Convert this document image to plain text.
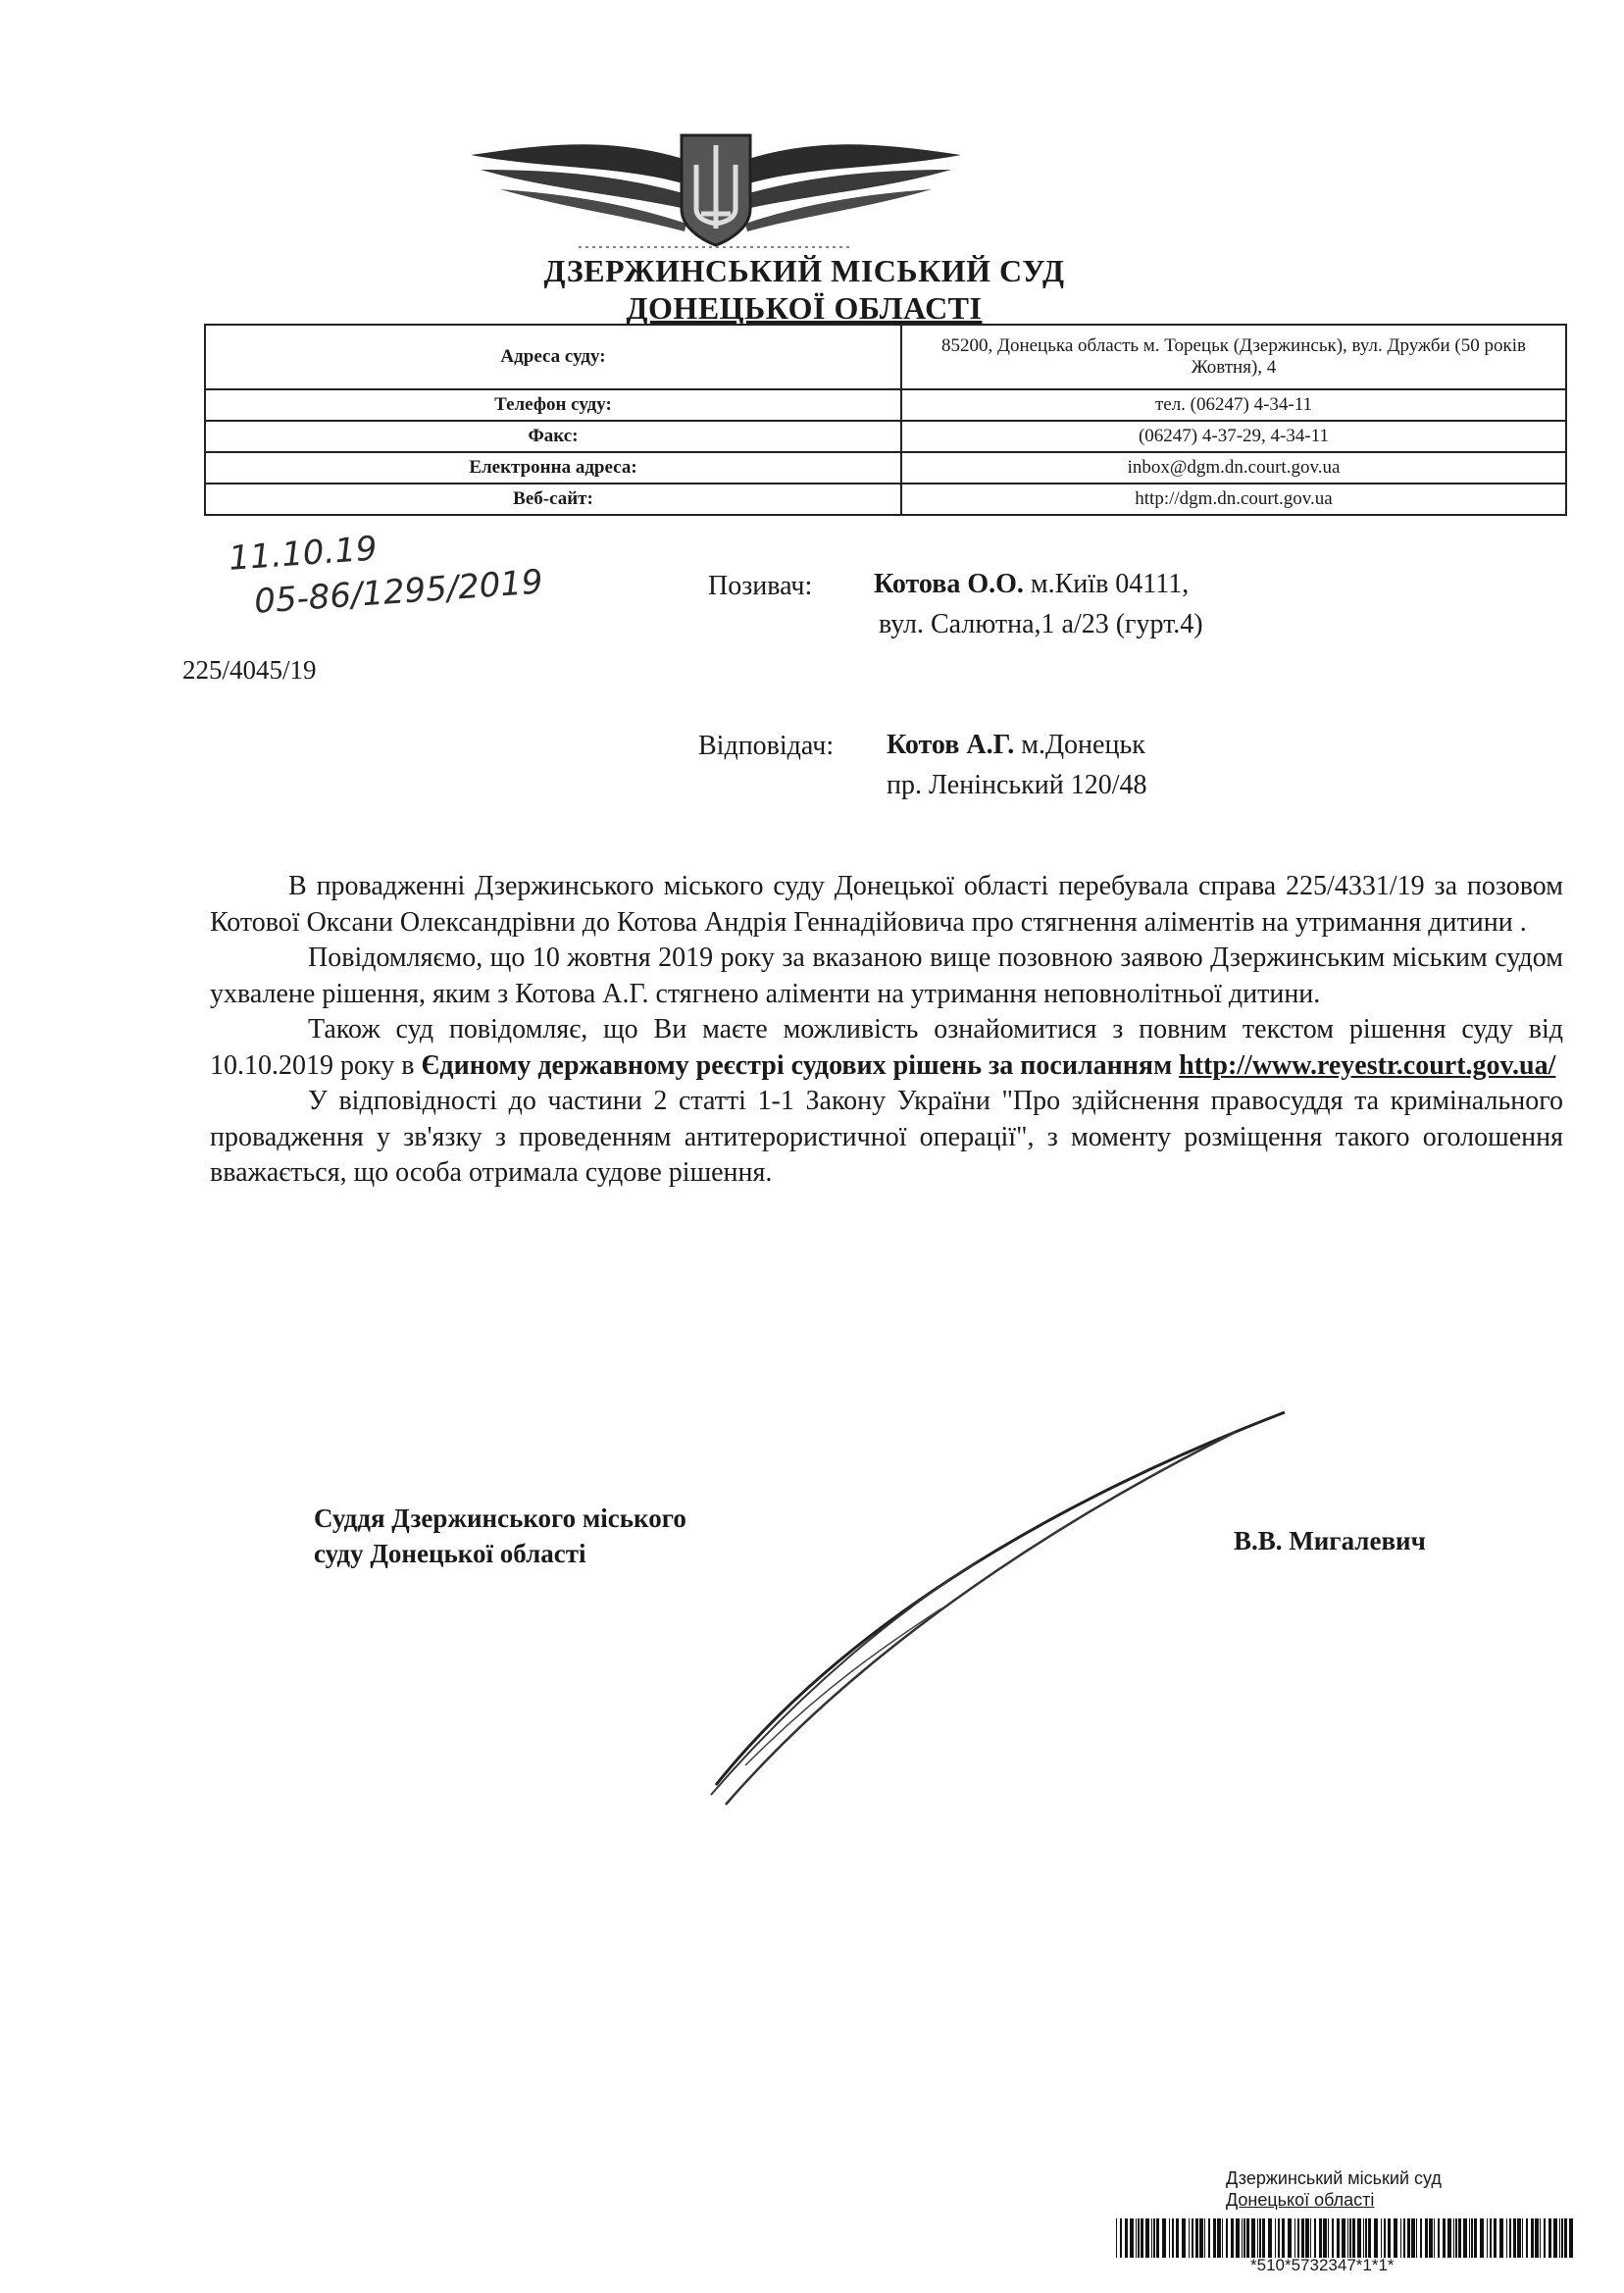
ДЗЕРЖИНСЬКИЙ МІСЬКИЙ СУД
ДОНЕЦЬКОЇ ОБЛАСТІ
Адреса суду:	85200, Донецька область м. Торецьк (Дзержинськ), вул. Дружби (50 років Жовтня), 4
Телефон суду:	тел. (06247) 4-34-11
Факс:	(06247) 4-37-29, 4-34-11
Електронна адреса:	inbox@dgm.dn.court.gov.ua
Веб-сайт:	http://dgm.dn.court.gov.ua
11.10.19
05-86/1295/2019
225/4045/19
Позивач: Котова О.О. м.Київ 04111,
вул. Салютна,1 а/23 (гурт.4)
Відповідач: Котов А.Г. м.Донецьк
пр. Ленінський 120/48

В провадженні Дзержинського міського суду Донецької області перебувала справа 225/4331/19 за позовом Котової Оксани Олександрівни до Котова Андрія Геннадійовича про стягнення аліментів на утримання дитини .

Повідомляємо, що 10 жовтня 2019 року за вказаною вище позовною заявою Дзержинським міським судом ухвалене рішення, яким з Котова А.Г. стягнено аліменти на утримання неповнолітньої дитини.

Також суд повідомляє, що Ви маєте можливість ознайомитися з повним текстом рішення суду від 10.10.2019 року в Єдиному державному реєстрі судових рішень за посиланням http://www.reyestr.court.gov.ua/

У відповідності до частини 2 статті 1-1 Закону України "Про здійснення правосуддя та кримінального провадження у зв'язку з проведенням антитерористичної операції", з моменту розміщення такого оголошення вважається, що особа отримала судове рішення.

Суддя Дзержинського міського
суду Донецької області	В.В. Мигалевич
Дзержинський міський суд
Донецької області
*510*5732347*1*1*
